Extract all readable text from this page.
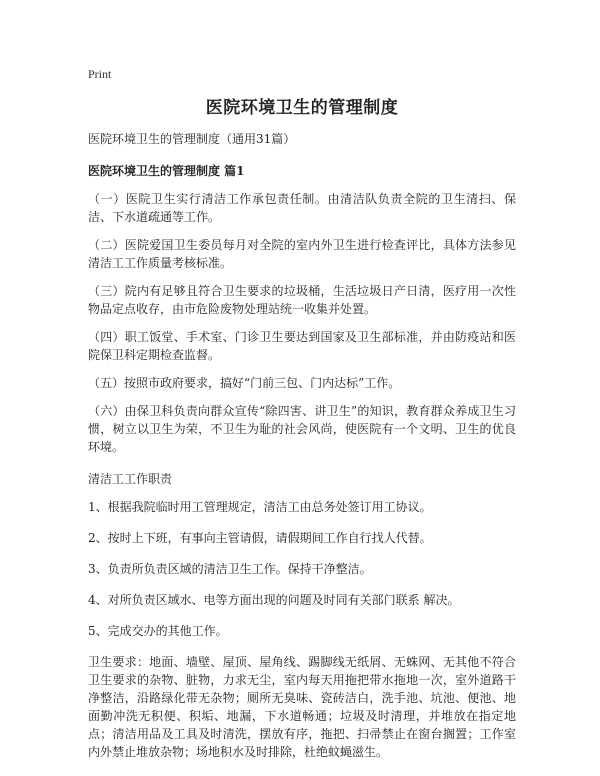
Print
医院环境卫生的管理制度

医院环境卫生的管理制度（通用31篇）

医院环境卫生的管理制度 篇1

（一）医院卫生实行清洁工作承包责任制。由清洁队负责全院的卫生清扫、保洁、下水道疏通等工作。

（二）医院爱国卫生委员每月对全院的室内外卫生进行检查评比，具体方法参见清洁工工作质量考核标准。

（三）院内有足够且符合卫生要求的垃圾桶，生活垃圾日产日清，医疗用一次性物品定点收存，由市危险废物处理站统一收集并处置。

（四）职工饭堂、手术室、门诊卫生要达到国家及卫生部标准，并由防疫站和医院保卫科定期检查监督。

（五）按照市政府要求，搞好“门前三包、门内达标”工作。

（六）由保卫科负责向群众宣传“除四害、讲卫生”的知识，教育群众养成卫生习惯，树立以卫生为荣，不卫生为耻的社会风尚，使医院有一个文明、卫生的优良环境。

清洁工工作职责

1、根据我院临时用工管理规定，清洁工由总务处签订用工协议。

2、按时上下班，有事向主管请假，请假期间工作自行找人代替。

3、负责所负责区域的清洁卫生工作。保持干净整洁。

4、对所负责区域水、电等方面出现的问题及时同有关部门联系 解决。

5、完成交办的其他工作。

卫生要求：地面、墙壁、屋顶、屋角线、踢脚线无纸屑、无蛛网、无其他不符合卫生要求的杂物、脏物，力求无尘，室内每天用拖把带水拖地一次，室外道路干净整洁，沿路绿化带无杂物；厕所无臭味、瓷砖洁白，洗手池、坑池、便池、地面勤冲洗无积便、积垢、地漏，下水道畅通；垃圾及时清理，并堆放在指定地点；清洁用品及工具及时清洗，摆放有序，拖把、扫帚禁止在窗台搁置；工作室内外禁止堆放杂物；场地积水及时排除，杜绝蚊蝇滋生。
